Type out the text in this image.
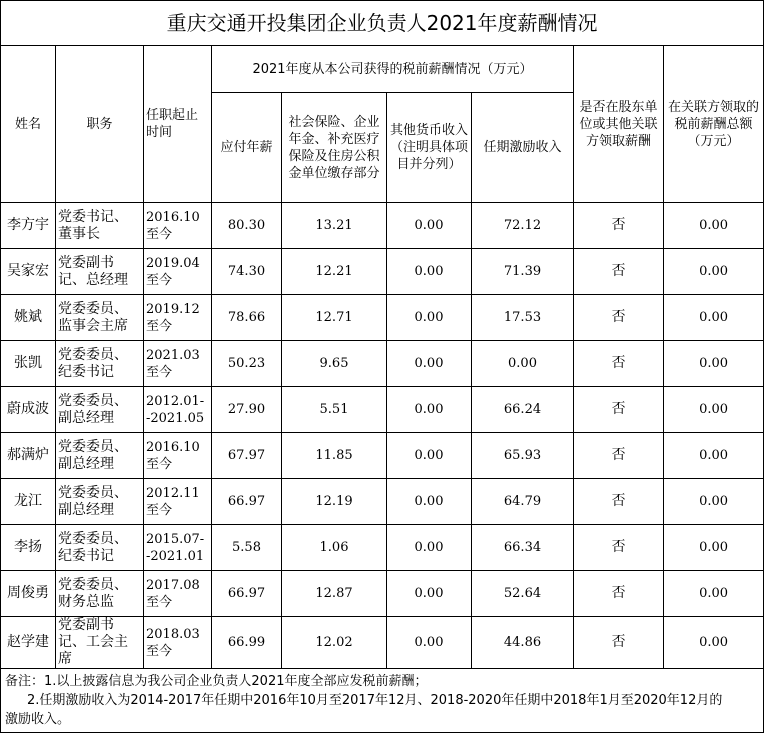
重庆交通开投集团企业负责人2021年度薪酬情况								
姓名	职务	任职起止时间	2021年度从本公司获得的税前薪酬情况（万元）				是否在股东单位或其他关联方领取薪酬	在关联方领取的税前薪酬总额（万元）
			应付年薪	社会保险、企业年金、补充医疗保险及住房公积金单位缴存部分	其他货币收入（注明具体项目并分列）	任期激励收入		
李方宇	党委书记、董事长	2016.10至今	80.30	13.21	0.00	72.12	否	0.00
吴家宏	党委副书记、总经理	2019.04至今	74.30	12.21	0.00	71.39	否	0.00
姚斌	党委委员、监事会主席	2019.12至今	78.66	12.71	0.00	17.53	否	0.00
张凯	党委委员、纪委书记	2021.03至今	50.23	9.65	0.00	0.00	否	0.00
蔚成波	党委委员、副总经理	2012.01--2021.05	27.90	5.51	0.00	66.24	否	0.00
郝满炉	党委委员、副总经理	2016.10至今	67.97	11.85	0.00	65.93	否	0.00
龙江	党委委员、副总经理	2012.11至今	66.97	12.19	0.00	64.79	否	0.00
李扬	党委委员、纪委书记	2015.07--2021.01	5.58	1.06	0.00	66.34	否	0.00
周俊勇	党委委员、财务总监	2017.08至今	66.97	12.87	0.00	52.64	否	0.00
赵学建	党委副书记、工会主席	2018.03至今	66.99	12.02	0.00	44.86	否	0.00

备注：1.以上披露信息为我公司企业负责人2021年度全部应发税前薪酬；
2.任期激励收入为2014-2017年任期中2016年10月至2017年12月、2018-2020年任期中2018年1月至2020年12月的
激励收入。								
